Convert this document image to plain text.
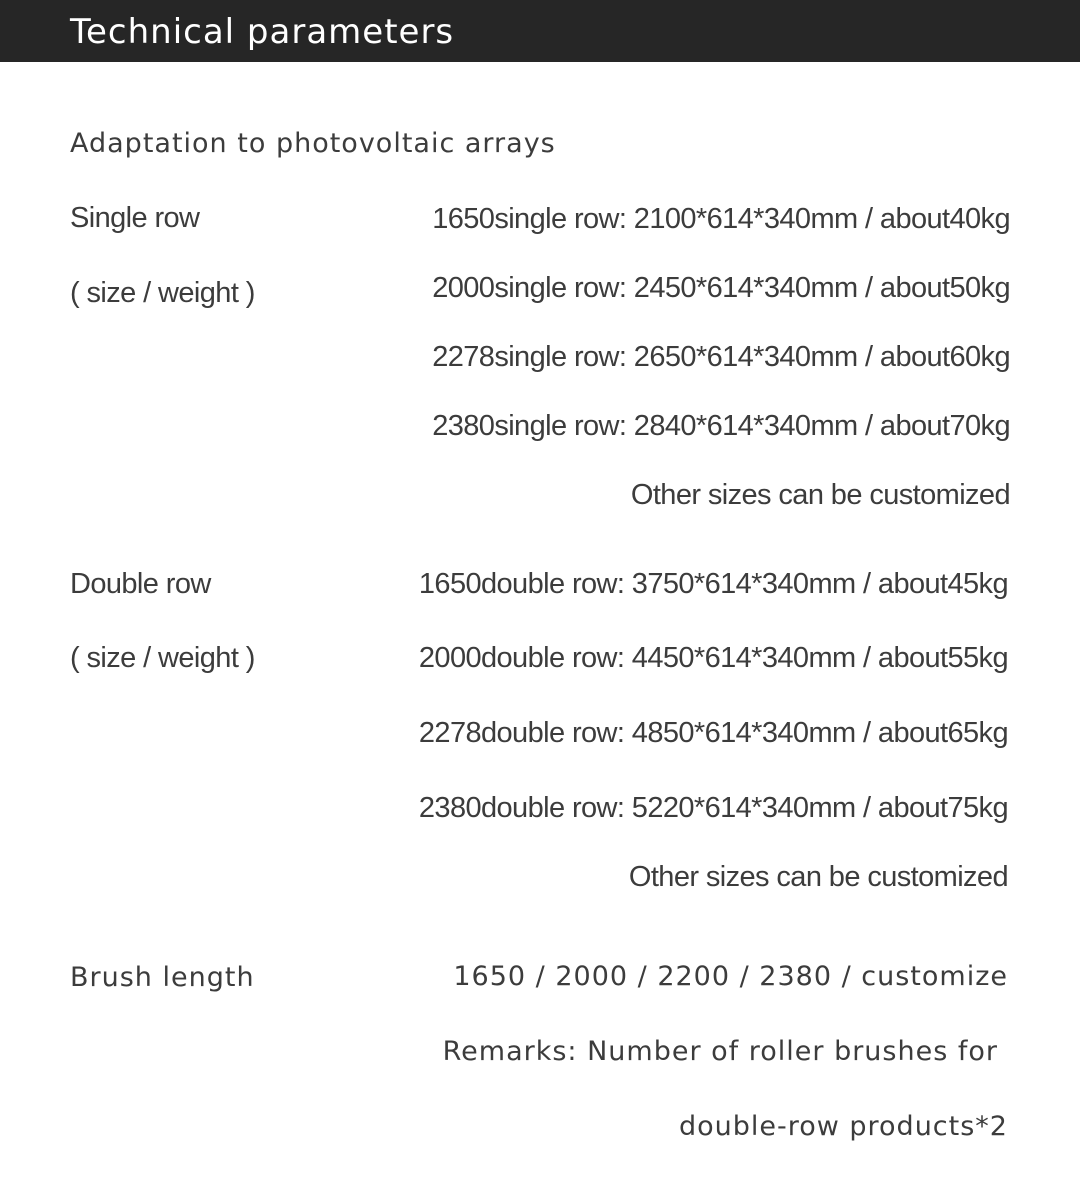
Technical parameters
Adaptation to photovoltaic arrays
Single row
( size / weight )
1650single row: 2100*614*340mm / about40kg
2000single row: 2450*614*340mm / about50kg
2278single row: 2650*614*340mm / about60kg
2380single row: 2840*614*340mm / about70kg
Other sizes can be customized
Double row
( size / weight )
1650double row: 3750*614*340mm / about45kg
2000double row: 4450*614*340mm / about55kg
2278double row: 4850*614*340mm / about65kg
2380double row: 5220*614*340mm / about75kg
Other sizes can be customized
Brush length	1650 / 2000 / 2200 / 2380 / customize
Remarks: Number of roller brushes for
double-row products*2
